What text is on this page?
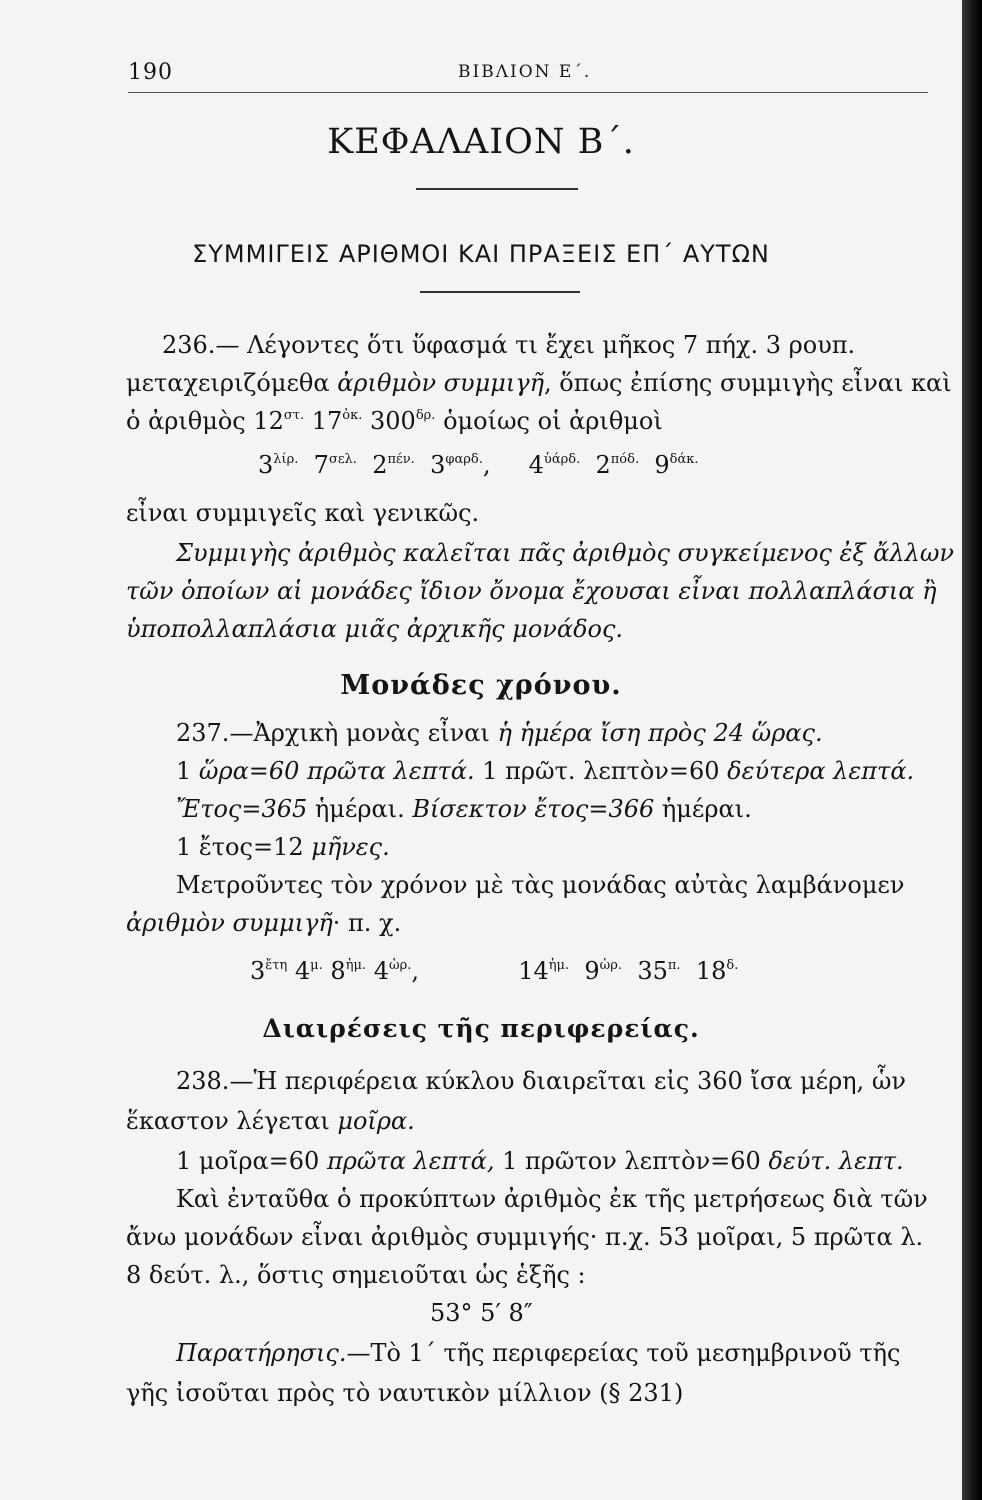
190	ΒΙΒΛΙΟΝ Ε΄.
ΚΕΦΑΛΑΙΟΝ Β΄.
ΣΥΜΜΙΓΕΙΣ ΑΡΙΘΜΟΙ ΚΑΙ ΠΡΑΞΕΙΣ ΕΠ΄ ΑΥΤΩΝ
236.— Λέγοντες ὅτι ὕφασμά τι ἔχει μῆκος 7 πήχ. 3 ρουπ.
μεταχειριζόμεθα ἀριθμὸν συμμιγῆ, ὅπως ἐπίσης συμμιγὴς εἶναι καὶ
ὁ ἀριθμὸς $12^{\sigma\tau.}$ $17^{ὀ\kappa.}$ $300^{\delta\rho.}$ ὁμοίως οἱ ἀριθμοὶ
$3^{\lambda ί\rho.}$ $7^{\sigma\varepsilon\lambda.}$ $2^{\pi έ\nu.}$ $3^{\varphi\alpha\rho\delta.}$, $4^{ὑά\rho\delta.}$ $2^{\pi ό\delta.}$ $9^{\delta ά\kappa.}$
εἶναι συμμιγεῖς καὶ γενικῶς.
Συμμιγὴς ἀριθμὸς καλεῖται πᾶς ἀριθμὸς συγκείμενος ἐξ ἄλλων
τῶν ὁποίων αἱ μονάδες ἴδιον ὄνομα ἔχουσαι εἶναι πολλαπλάσια ἢ
ὑποπολλαπλάσια μιᾶς ἀρχικῆς μονάδος.
Μονάδες χρόνου.
237.—Ἀρχικὴ μονὰς εἶναι ἡ ἡμέρα ἴση πρὸς 24 ὥρας.
1 ὥρα=60 πρῶτα λεπτά. 1 πρῶτ. λεπτὸν=60 δεύτερα λεπτά.
Ἔτος=365 ἡμέραι. Βίσεκτον ἔτος=366 ἡμέραι.
1 ἔτος=12 μῆνες.
Μετροῦντες τὸν χρόνον μὲ τὰς μονάδας αὐτὰς λαμβάνομεν
ἀριθμὸν συμμιγῆ· π. χ.
$3^{ἔ\tau\eta}$ $4^{\mu.}$ $8^{ἡ\mu.}$ $4^{ὡ\rho.}$,	$14^{ἡ\mu.}$ $9^{ὡ\rho.}$ $35^{\pi.}$ $18^{\delta.}$
Διαιρέσεις τῆς περιφερείας.
238.—Ἡ περιφέρεια κύκλου διαιρεῖται εἰς 360 ἴσα μέρη, ὧν
ἕκαστον λέγεται μοῖρα.
1 μοῖρα=60 πρῶτα λεπτά, 1 πρῶτον λεπτὸν=60 δεύτ. λεπτ.
Καὶ ἐνταῦθα ὁ προκύπτων ἀριθμὸς ἐκ τῆς μετρήσεως διὰ τῶν
ἄνω μονάδων εἶναι ἀριθμὸς συμμιγής· π.χ. 53 μοῖραι, 5 πρῶτα λ.
8 δεύτ. λ., ὅστις σημειοῦται ὡς ἑξῆς :
53° 5′ 8″
Παρατήρησις.—Τὸ 1΄ τῆς περιφερείας τοῦ μεσημβρινοῦ τῆς
γῆς ἰσοῦται πρὸς τὸ ναυτικὸν μίλλιον (§ 231)
